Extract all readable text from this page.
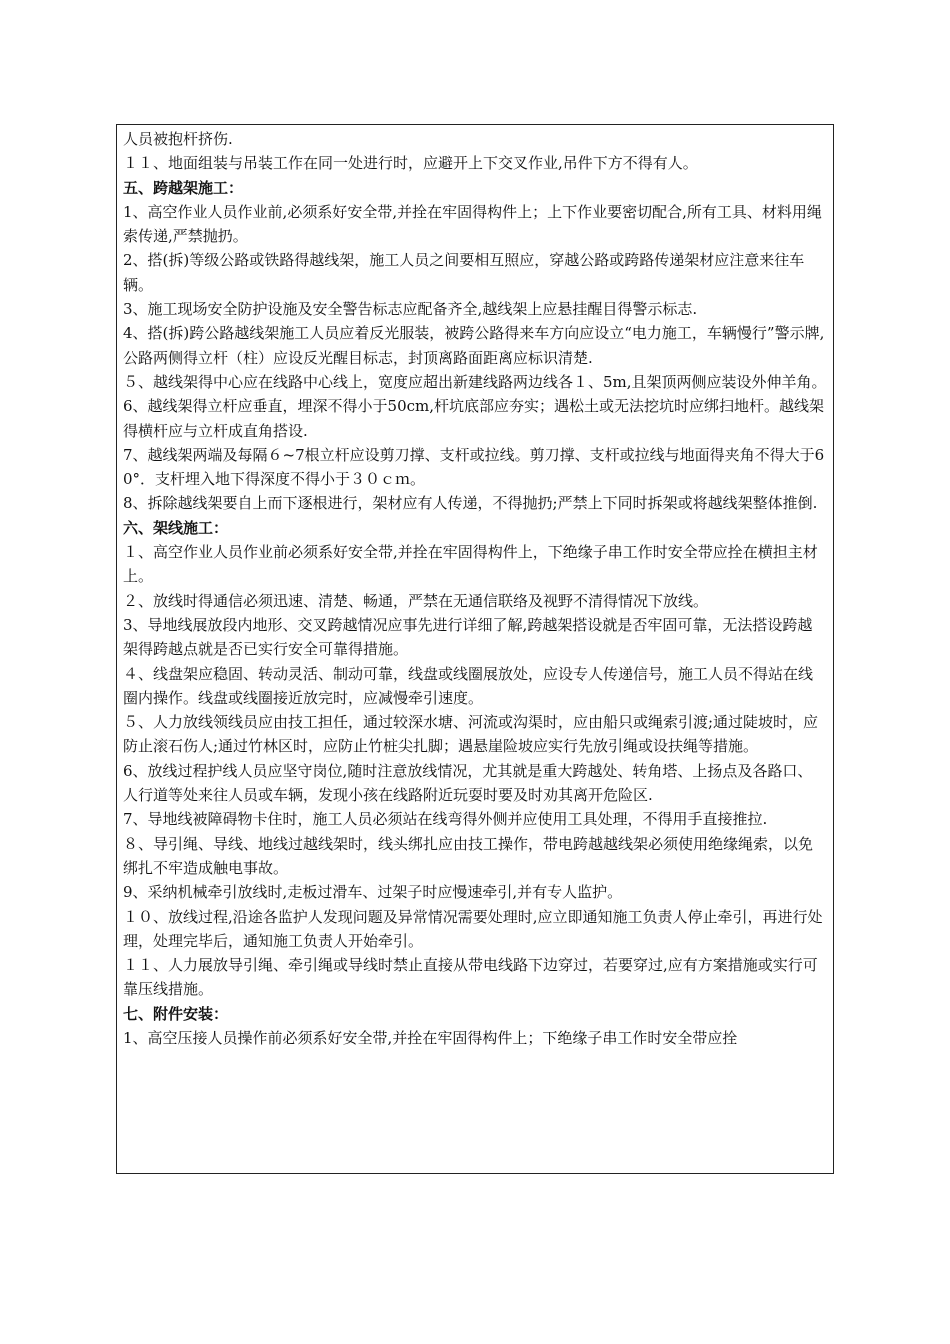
人员被抱杆挤伤.

１１、地面组装与吊装工作在同一处进行时，应避开上下交叉作业,吊件下方不得有人。

五、跨越架施工：

1、高空作业人员作业前,必须系好安全带,并拴在牢固得构件上；上下作业要密切配合,所有工具、材料用绳索传递,严禁抛扔。

2、搭(拆)等级公路或铁路得越线架，施工人员之间要相互照应，穿越公路或跨路传递架材应注意来往车辆。

3、施工现场安全防护设施及安全警告标志应配备齐全,越线架上应悬挂醒目得警示标志.

4、搭(拆)跨公路越线架施工人员应着反光服装，被跨公路得来车方向应设立“电力施工，车辆慢行”警示牌,公路两侧得立杆（柱）应设反光醒目标志，封顶离路面距离应标识清楚.

５、越线架得中心应在线路中心线上，宽度应超出新建线路两边线各１、5m,且架顶两侧应装设外伸羊角。

6、越线架得立杆应垂直，埋深不得小于50cm,杆坑底部应夯实；遇松土或无法挖坑时应绑扫地杆。越线架得横杆应与立杆成直角搭设.

7、越线架两端及每隔６~7根立杆应设剪刀撑、支杆或拉线。剪刀撑、支杆或拉线与地面得夹角不得大于60°．支杆埋入地下得深度不得小于３０ｃｍ。

8、拆除越线架要自上而下逐根进行，架材应有人传递，不得抛扔;严禁上下同时拆架或将越线架整体推倒.

六、架线施工：

１、高空作业人员作业前必须系好安全带,并拴在牢固得构件上，下绝缘子串工作时安全带应拴在横担主材上。

２、放线时得通信必须迅速、清楚、畅通，严禁在无通信联络及视野不清得情况下放线。

3、导地线展放段内地形、交叉跨越情况应事先进行详细了解,跨越架搭设就是否牢固可靠，无法搭设跨越架得跨越点就是否已实行安全可靠得措施。

４、线盘架应稳固、转动灵活、制动可靠，线盘或线圈展放处，应设专人传递信号，施工人员不得站在线圈内操作。线盘或线圈接近放完时，应减慢牵引速度。

５、人力放线领线员应由技工担任，通过较深水塘、河流或沟渠时，应由船只或绳索引渡;通过陡坡时，应防止滚石伤人;通过竹林区时，应防止竹桩尖扎脚；遇悬崖险坡应实行先放引绳或设扶绳等措施。

6、放线过程护线人员应坚守岗位,随时注意放线情况，尤其就是重大跨越处、转角塔、上扬点及各路口、人行道等处来往人员或车辆，发现小孩在线路附近玩耍时要及时劝其离开危险区.

7、导地线被障碍物卡住时，施工人员必须站在线弯得外侧并应使用工具处理，不得用手直接推拉.

８、导引绳、导线、地线过越线架时，线头绑扎应由技工操作，带电跨越越线架必须使用绝缘绳索，以免绑扎不牢造成触电事故。

9、采纳机械牵引放线时,走板过滑车、过架子时应慢速牵引,并有专人监护。

１０、放线过程,沿途各监护人发现问题及异常情况需要处理时,应立即通知施工负责人停止牵引，再进行处理，处理完毕后，通知施工负责人开始牵引。

１１、人力展放导引绳、牵引绳或导线时禁止直接从带电线路下边穿过，若要穿过,应有方案措施或实行可靠压线措施。

七、附件安装：

1、高空压接人员操作前必须系好安全带,并拴在牢固得构件上；下绝缘子串工作时安全带应拴
